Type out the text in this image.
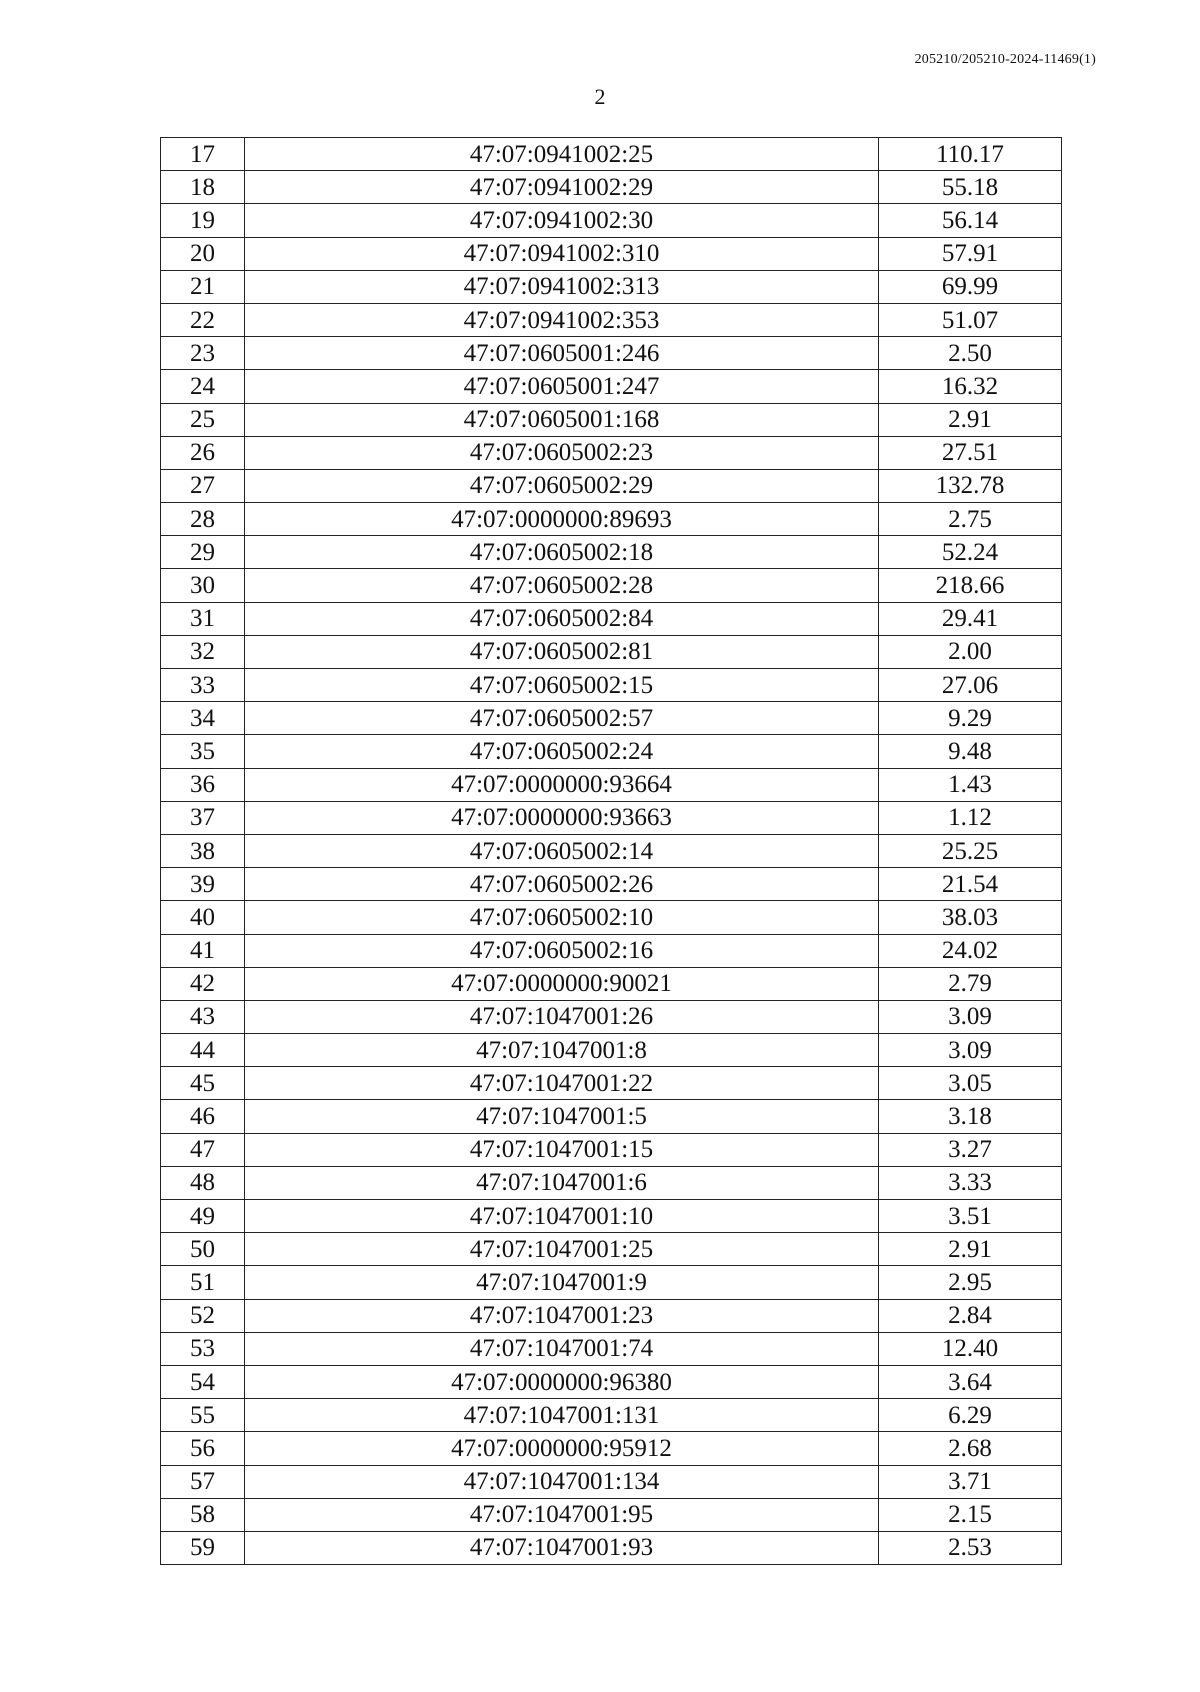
205210/205210-2024-11469(1)
2
17	47:07:0941002:25	110.17
18	47:07:0941002:29	55.18
19	47:07:0941002:30	56.14
20	47:07:0941002:310	57.91
21	47:07:0941002:313	69.99
22	47:07:0941002:353	51.07
23	47:07:0605001:246	2.50
24	47:07:0605001:247	16.32
25	47:07:0605001:168	2.91
26	47:07:0605002:23	27.51
27	47:07:0605002:29	132.78
28	47:07:0000000:89693	2.75
29	47:07:0605002:18	52.24
30	47:07:0605002:28	218.66
31	47:07:0605002:84	29.41
32	47:07:0605002:81	2.00
33	47:07:0605002:15	27.06
34	47:07:0605002:57	9.29
35	47:07:0605002:24	9.48
36	47:07:0000000:93664	1.43
37	47:07:0000000:93663	1.12
38	47:07:0605002:14	25.25
39	47:07:0605002:26	21.54
40	47:07:0605002:10	38.03
41	47:07:0605002:16	24.02
42	47:07:0000000:90021	2.79
43	47:07:1047001:26	3.09
44	47:07:1047001:8	3.09
45	47:07:1047001:22	3.05
46	47:07:1047001:5	3.18
47	47:07:1047001:15	3.27
48	47:07:1047001:6	3.33
49	47:07:1047001:10	3.51
50	47:07:1047001:25	2.91
51	47:07:1047001:9	2.95
52	47:07:1047001:23	2.84
53	47:07:1047001:74	12.40
54	47:07:0000000:96380	3.64
55	47:07:1047001:131	6.29
56	47:07:0000000:95912	2.68
57	47:07:1047001:134	3.71
58	47:07:1047001:95	2.15
59	47:07:1047001:93	2.53
